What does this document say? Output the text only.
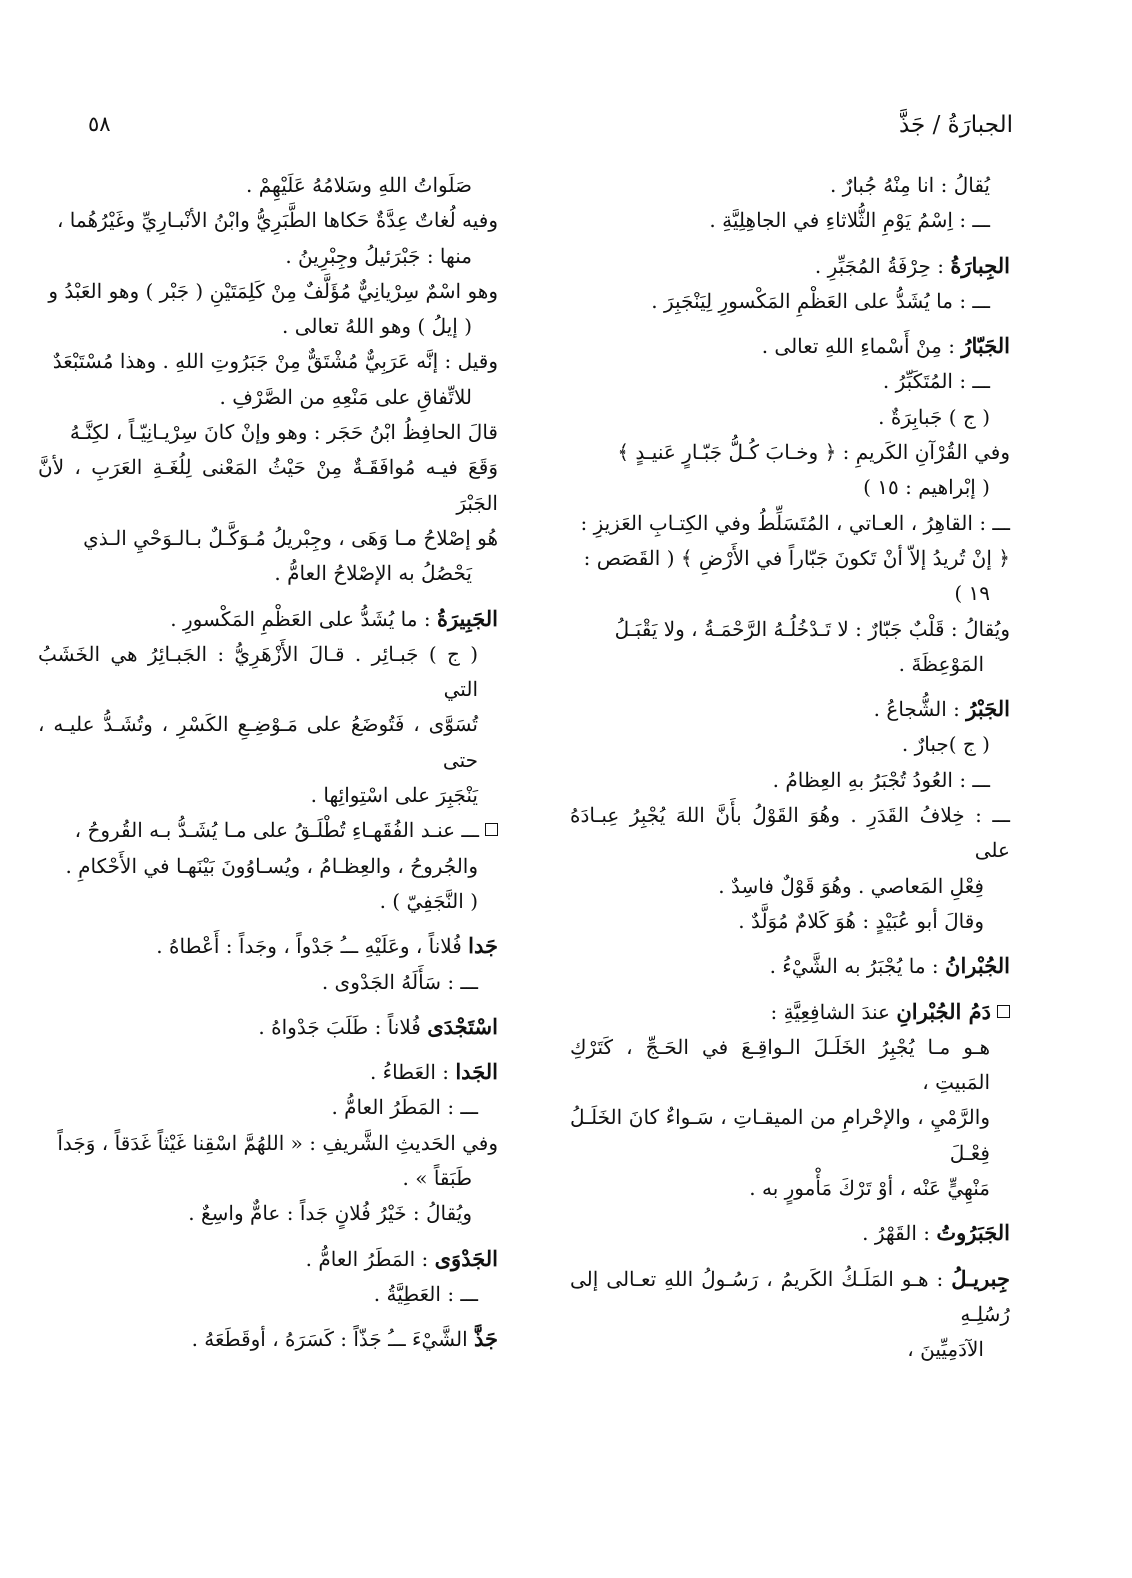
الجبارَةُ / جَذَّ
٥٨
يُقالُ : انا مِنْهُ جُبارٌ .
ـــ : اِسْمُ يَوْمِ الثُّلاثاءِ في الجاهِلِيَّةِ .
الجِبارَةُ : حِرْفَةُ المُجَبِّرِ .
ـــ : ما يُشَدُّ على العَظْمِ المَكْسورِ لِيَنْجَبِرَ .
الجَبّارُ : مِنْ أَسْماءِ اللهِ تعالى .
ـــ : المُتَكَبِّرُ .
( ج ) جَبابِرَةٌ .
وفي القُرْآنِ الكَريمِ : ﴿ وخـابَ كُـلُّ جَبّـارٍ عَنيـدٍ ﴾
( إبْراهيم : ١٥ )
ـــ : القاهِرُ ، العـاتي ، المُتَسَلِّطُ وفي الكِتـابِ العَزيزِ :
﴿ إنْ تُريدُ إلاّ أنْ تَكونَ جَبّاراً في الأَرْضِ ﴾ ( القَصَص :
١٩ )
ويُقالُ : قَلْبٌ جَبّارٌ : لا تَـدْخُلُـهُ الرَّحْمَـةُ ، ولا يَقْبَـلُ
المَوْعِظَةَ .
الجَبْرُ : الشُّجاعُ .
( ج )جبارٌ .
ـــ : العُودُ تُجْبَرُ بهِ العِظامُ .
ـــ : خِلافُ القَدَرِ . وهُوَ القَوْلُ بأَنَّ اللهَ يُجْبِرُ عِبـادَهُ على
فِعْلِ المَعاصي . وهُوَ قَوْلٌ فاسِدٌ .
وقالَ أبو عُبَيْدٍ : هُوَ كَلامٌ مُوَلَّدٌ .
الجُبْرانُ : ما يُجْبَرُ به الشَّيْءُ .
دَمُ الجُبْرانِ عندَ الشافِعِيَّةِ :
هـو مـا يُجْبِرُ الخَلَـلَ الـواقِـعَ في الحَـجِّ ، كَتَرْكِ المَبيتِ ،
والرَّمْيِ ، والإحْرامِ من الميقـاتِ ، سَـواءٌ كانَ الخَلَـلُ فِعْـلَ
مَنْهِيٍّ عَنْه ، أوْ تَرْكَ مَأْمورٍ به .
الجَبَرُوتُ : القَهْرُ .
جِبريـلُ : هـو المَلَـكُ الكَريمُ ، رَسُـولُ اللهِ تعـالى إلى رُسُلِـهِ
الآدَمِيِّينَ ،
صَلَواتُ اللهِ وسَلامُهُ عَلَيْهِمْ .
وفيه لُغاتٌ عِدَّةٌ حَكاها الطَّبَرِيُّ وابْنُ الأنْبـارِيِّ وغَيْرُهُما ،
منها : جَبْرَئيلُ وجِبْرِينُ .
وهو اسْمٌ سِرْيانِيٌّ مُؤَلَّفٌ مِنْ كَلِمَتَيْنِ ( جَبْر ) وهو العَبْدُ و
( إيلُ ) وهو اللهُ تعالى .
وقيل : إنَّه عَرَبِيٌّ مُشْتَقٌّ مِنْ جَبَرُوتِ اللهِ . وهذا مُسْتَبْعَدٌ
للاتِّفاقِ على مَنْعِهِ من الصَّرْفِ .
قالَ الحافِظُ ابْنُ حَجَر : وهو وإنْ كانَ سِرْيـانِيّـاً ، لكِنَّـهُ
وَقَعَ فيـه مُوافَقَـةٌ مِنْ حَيْثُ المَعْنى لِلُغَـةِ العَرَبِ ، لأنَّ الجَبْرَ
هُو إصْلاحُ مـا وَهَى ، وجِبْريلُ مُـوَكَّـلٌ بـالـوَحْيِ الـذي
يَحْصُلُ به الإصْلاحُ العامُّ .
الجَبِيرَةُ : ما يُشَدُّ على العَظْمِ المَكْسورِ .
( ج ) جَبـائِر . قـالَ الأَزْهَرِيُّ : الجَبـائِرُ هي الخَشَبُ التي
تُسَوَّى ، فَتُوضَعُ على مَـوْضِـعِ الكَسْرِ ، وتُشَـدُّ عليـه ، حتى
يَنْجَبِرَ على اسْتِوائِها .
ـــ عنـد الفُقَهـاءِ تُطْلَـقُ على مـا يُشَـدُّ بـه القُروحُ ،
والجُروحُ ، والعِظـامُ ، ويُسـاوُونَ بَيْنَهـا في الأَحْكامِ .
( النَّجَفِيّ ) .
جَدا فُلاناً ، وعَلَيْهِ ـــُ جَدْواً ، وجَداً : أَعْطاهُ .
ـــ : سَأَلَهُ الجَدْوى .
اسْتَجْدَى فُلاناً : طَلَبَ جَدْواهُ .
الجَدا : العَطاءُ .
ـــ : المَطَرُ العامُّ .
وفي الحَديثِ الشَّريفِ : « اللهُمَّ اسْقِنا غَيْثاً غَدَقاً ، وَجَداً
طَبَقاً » .
ويُقالُ : خَيْرُ فُلانٍ جَداً : عامٌّ واسِعٌ .
الجَدْوَى : المَطَرُ العامُّ .
ـــ : العَطِيَّةُ .
جَذَّ الشَّيْءَ ـــُ جَذّاً : كَسَرَهُ ، أوقَطَعَهُ .
